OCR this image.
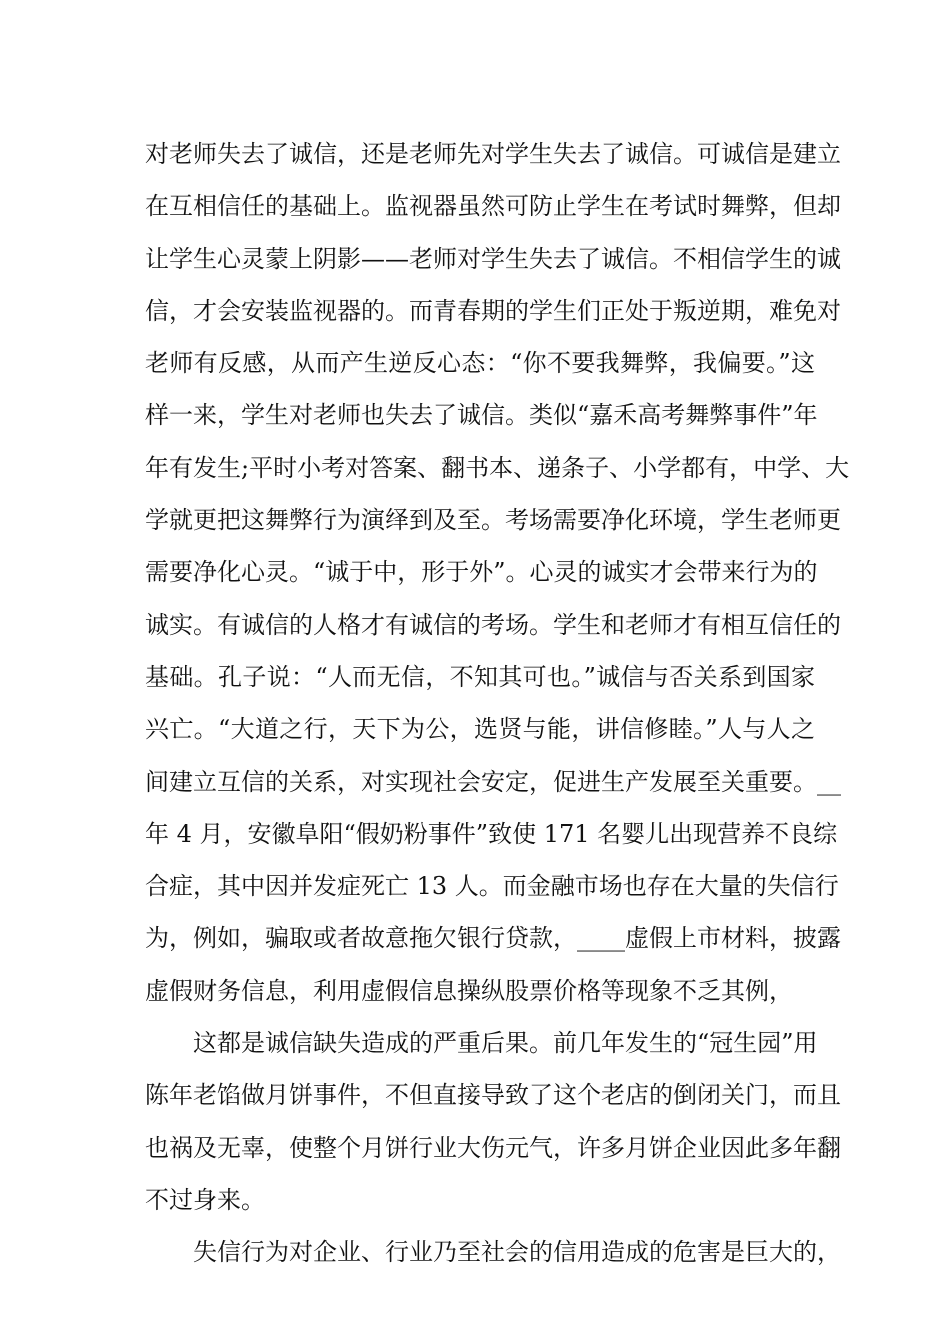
对老师失去了诚信，还是老师先对学生失去了诚信。可诚信是建立
在互相信任的基础上。监视器虽然可防止学生在考试时舞弊，但却
让学生心灵蒙上阴影——老师对学生失去了诚信。不相信学生的诚
信，才会安装监视器的。而青春期的学生们正处于叛逆期，难免对
老师有反感，从而产生逆反心态：“你不要我舞弊，我偏要。”这
样一来，学生对老师也失去了诚信。类似“嘉禾高考舞弊事件”年
年有发生;平时小考对答案、翻书本、递条子、小学都有，中学、大
学就更把这舞弊行为演绎到及至。考场需要净化环境，学生老师更
需要净化心灵。“诚于中，形于外”。心灵的诚实才会带来行为的
诚实。有诚信的人格才有诚信的考场。学生和老师才有相互信任的
基础。孔子说：“人而无信，不知其可也。”诚信与否关系到国家
兴亡。“大道之行，天下为公，选贤与能，讲信修睦。”人与人之
间建立互信的关系，对实现社会安定，促进生产发展至关重要。__
年 4 月，安徽阜阳“假奶粉事件”致使 171 名婴儿出现营养不良综
合症，其中因并发症死亡 13 人。而金融市场也存在大量的失信行
为，例如，骗取或者故意拖欠银行贷款，____虚假上市材料，披露
虚假财务信息，利用虚假信息操纵股票价格等现象不乏其例，
这都是诚信缺失造成的严重后果。前几年发生的“冠生园”用
陈年老馅做月饼事件，不但直接导致了这个老店的倒闭关门，而且
也祸及无辜，使整个月饼行业大伤元气，许多月饼企业因此多年翻
不过身来。
失信行为对企业、行业乃至社会的信用造成的危害是巨大的，
